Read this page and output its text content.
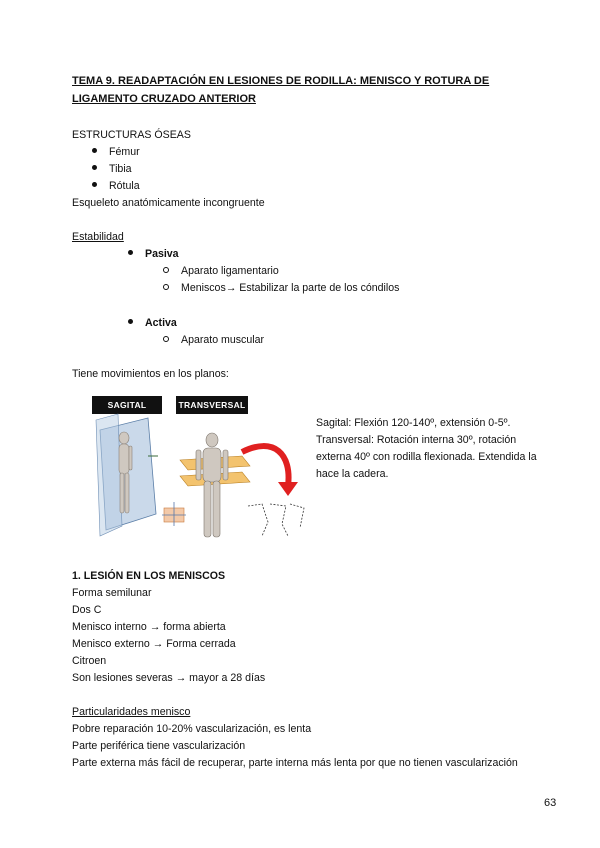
TEMA 9. READAPTACIÓN EN LESIONES DE RODILLA: MENISCO Y ROTURA DE LIGAMENTO CRUZADO ANTERIOR
ESTRUCTURAS ÓSEAS
Fémur
Tibia
Rótula
Esqueleto anatómicamente incongruente
Estabilidad
Pasiva
Aparato ligamentario
Meniscos→ Estabilizar la parte de los cóndilos
Activa
Aparato muscular
Tiene movimientos en los planos:
SAGITAL	TRANSVERSAL
Sagital: Flexión 120-140º, extensión 0-5º.
Transversal: Rotación interna 30º, rotación
externa 40º con rodilla flexionada. Extendida la
hace la cadera.
1. LESIÓN EN LOS MENISCOS
Forma semilunar
Dos C
Menisco interno → forma abierta
Menisco externo → Forma cerrada
Citroen
Son lesiones severas → mayor a 28 días
Particularidades menisco
Pobre reparación 10-20% vascularización, es lenta
Parte periférica tiene vascularización
Parte externa más fácil de recuperar, parte interna más lenta por que no tienen vascularización
63
